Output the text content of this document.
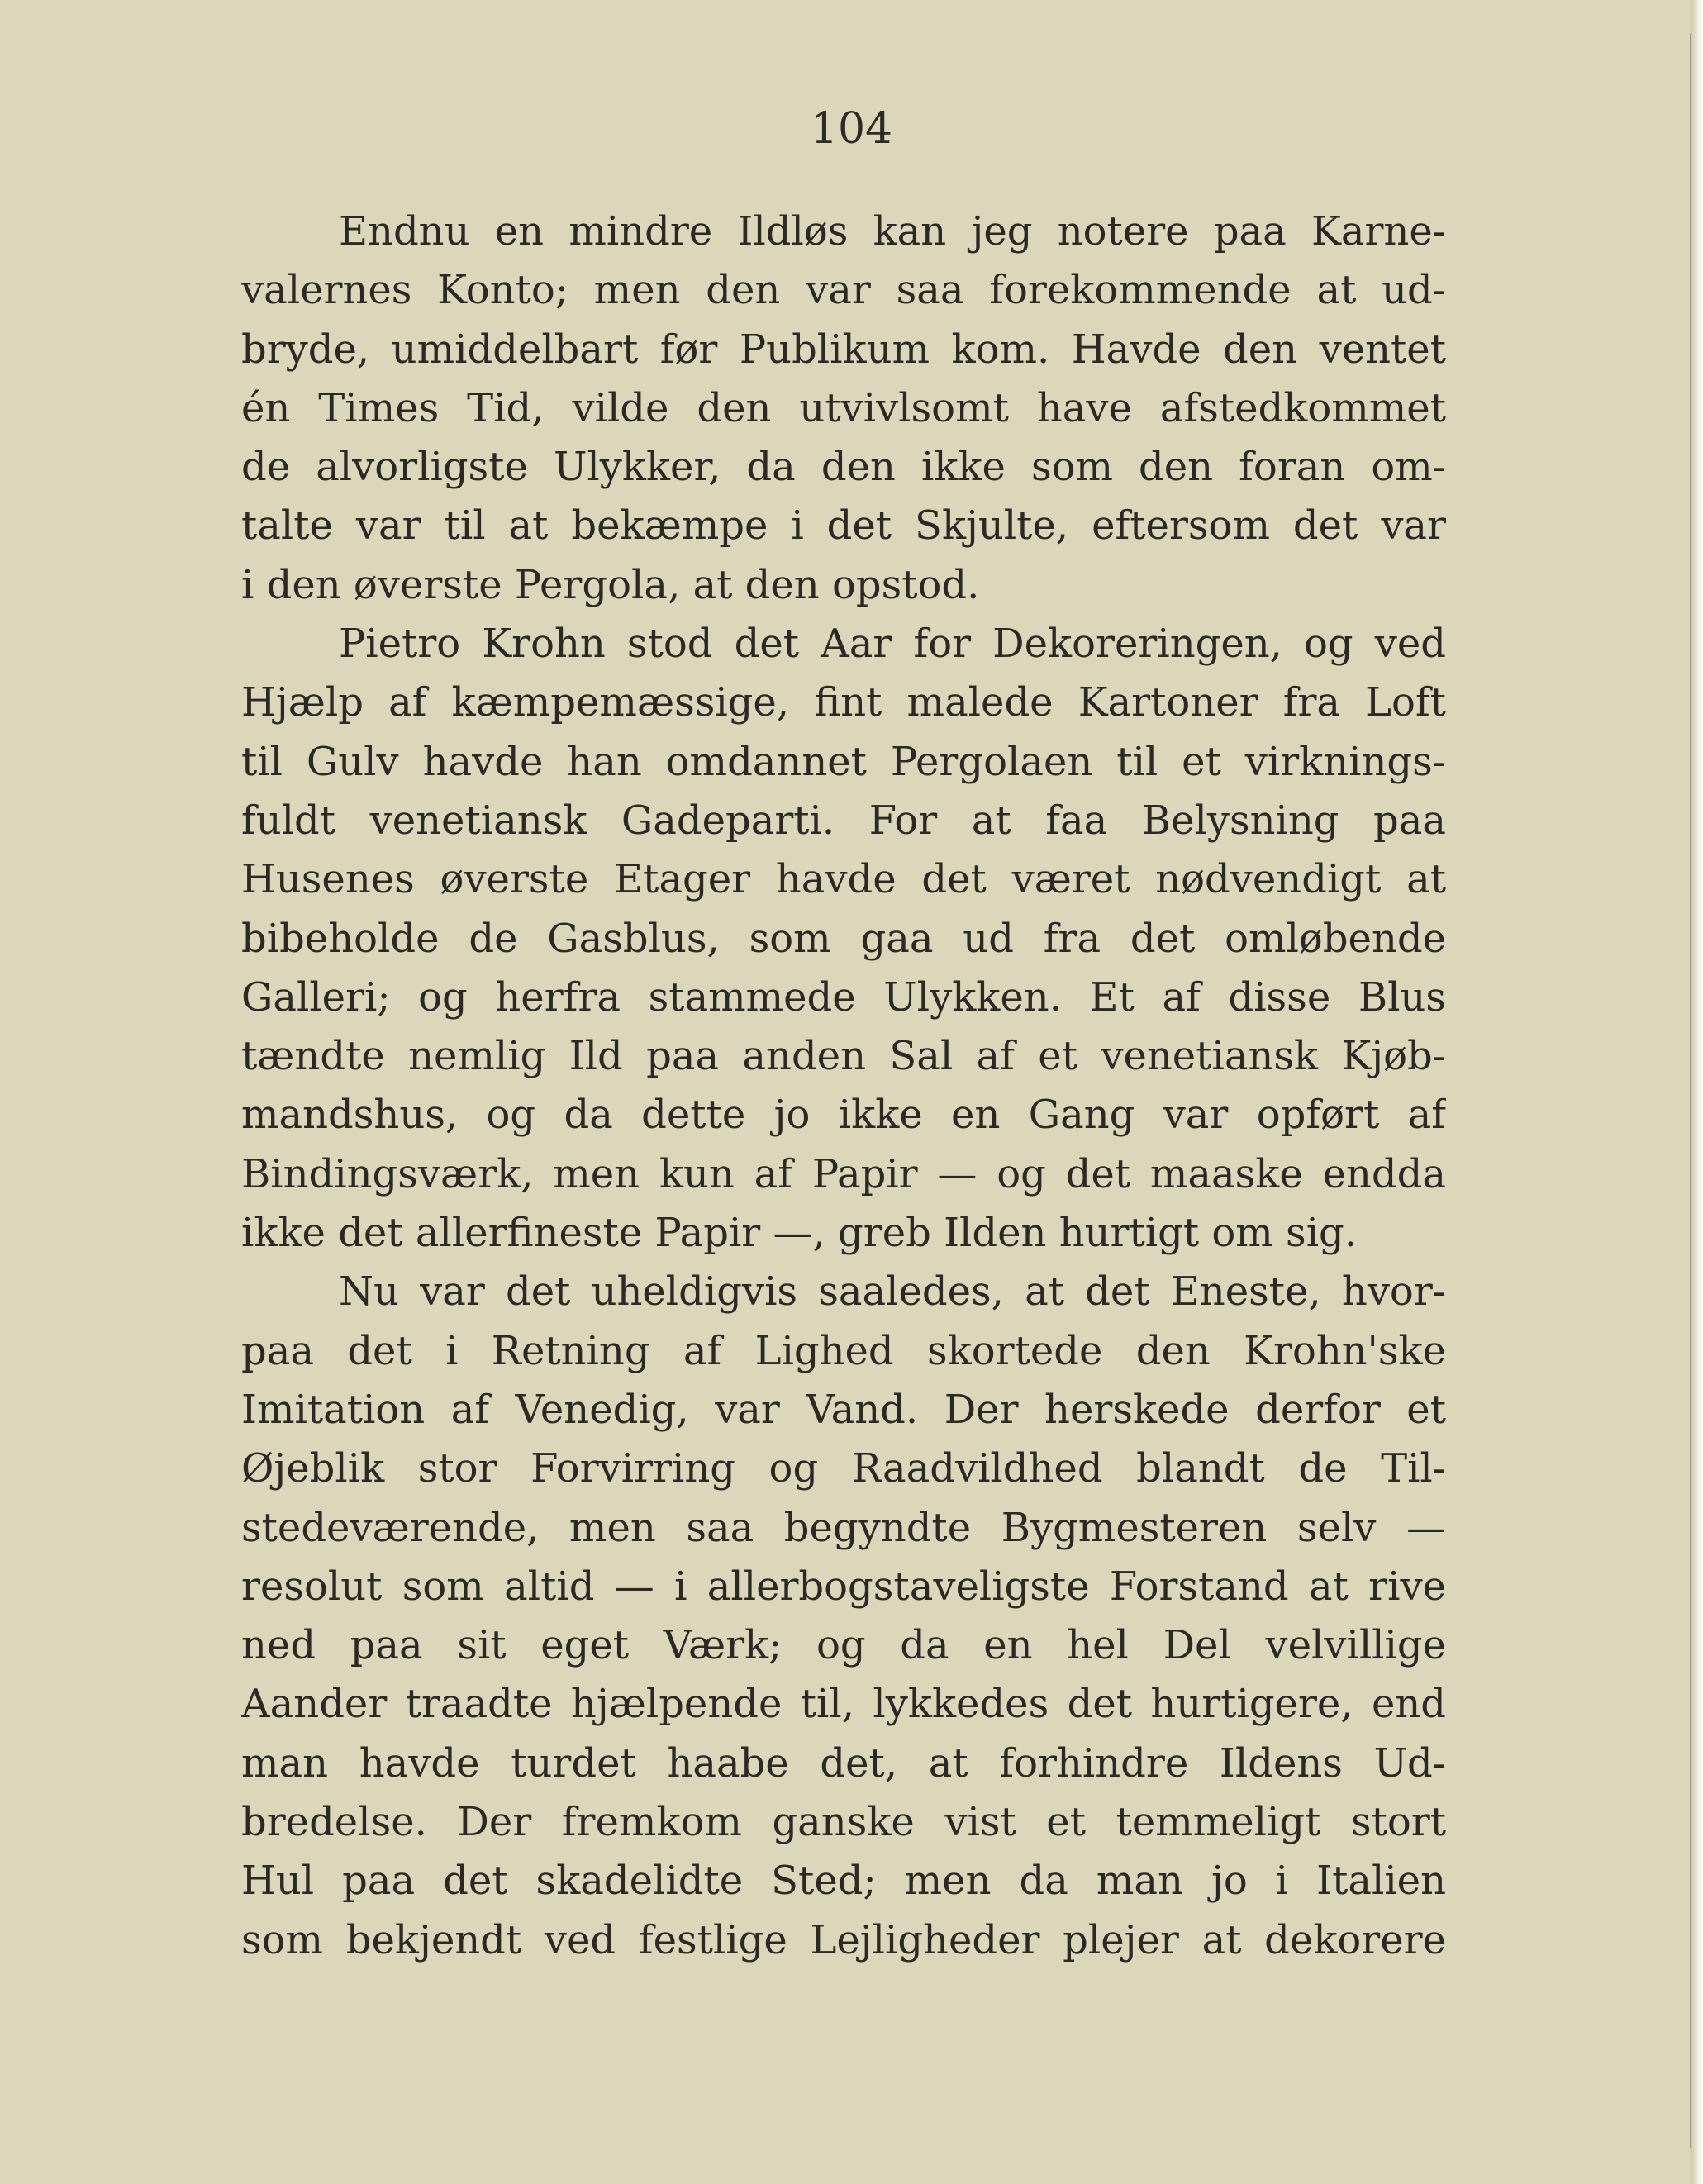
104
Endnu en mindre Ildløs kan jeg notere paa Karne-
valernes Konto; men den var saa forekommende at ud-
bryde, umiddelbart før Publikum kom. Havde den ventet
én Times Tid, vilde den utvivlsomt have afstedkommet
de alvorligste Ulykker, da den ikke som den foran om-
talte var til at bekæmpe i det Skjulte, eftersom det var
i den øverste Pergola, at den opstod.
Pietro Krohn stod det Aar for Dekoreringen, og ved
Hjælp af kæmpemæssige, fint malede Kartoner fra Loft
til Gulv havde han omdannet Pergolaen til et virknings-
fuldt venetiansk Gadeparti. For at faa Belysning paa
Husenes øverste Etager havde det været nødvendigt at
bibeholde de Gasblus, som gaa ud fra det omløbende
Galleri; og herfra stammede Ulykken. Et af disse Blus
tændte nemlig Ild paa anden Sal af et venetiansk Kjøb-
mandshus, og da dette jo ikke en Gang var opført af
Bindingsværk, men kun af Papir — og det maaske endda
ikke det allerfineste Papir —, greb Ilden hurtigt om sig.
Nu var det uheldigvis saaledes, at det Eneste, hvor-
paa det i Retning af Lighed skortede den Krohn'ske
Imitation af Venedig, var Vand. Der herskede derfor et
Øjeblik stor Forvirring og Raadvildhed blandt de Til-
stedeværende, men saa begyndte Bygmesteren selv —
resolut som altid — i allerbogstaveligste Forstand at rive
ned paa sit eget Værk; og da en hel Del velvillige
Aander traadte hjælpende til, lykkedes det hurtigere, end
man havde turdet haabe det, at forhindre Ildens Ud-
bredelse. Der fremkom ganske vist et temmeligt stort
Hul paa det skadelidte Sted; men da man jo i Italien
som bekjendt ved festlige Lejligheder plejer at dekorere
